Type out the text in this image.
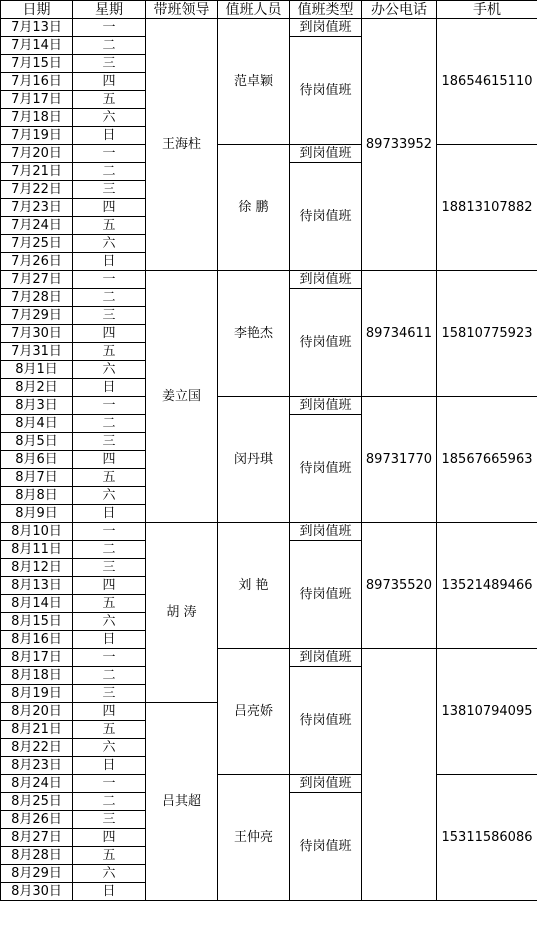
日期	星期	带班领导	值班人员	值班类型	办公电话	手机
7月13日	一	王海柱	范卓颖	到岗值班	89733952	18654615110
7月14日	二			待岗值班		
7月15日	三					
7月16日	四					
7月17日	五					
7月18日	六					
7月19日	日					
7月20日	一		徐 鹏	到岗值班		18813107882
7月21日	二			待岗值班		
7月22日	三					
7月23日	四					
7月24日	五					
7月25日	六					
7月26日	日					
7月27日	一	姜立国	李艳杰	到岗值班	89734611	15810775923
7月28日	二			待岗值班		
7月29日	三					
7月30日	四					
7月31日	五					
8月1日	六					
8月2日	日					
8月3日	一		闵丹琪	到岗值班	89731770	18567665963
8月4日	二			待岗值班		
8月5日	三					
8月6日	四					
8月7日	五					
8月8日	六					
8月9日	日					
8月10日	一	胡 涛	刘 艳	到岗值班	89735520	13521489466
8月11日	二			待岗值班		
8月12日	三					
8月13日	四					
8月14日	五					
8月15日	六					
8月16日	日					
8月17日	一		吕亮娇	到岗值班		13810794095
8月18日	二			待岗值班		
8月19日	三					
8月20日	四	吕其超				
8月21日	五					
8月22日	六					
8月23日	日					
8月24日	一		王仲亮	到岗值班		15311586086
8月25日	二			待岗值班		
8月26日	三					
8月27日	四					
8月28日	五					
8月29日	六					
8月30日	日					
